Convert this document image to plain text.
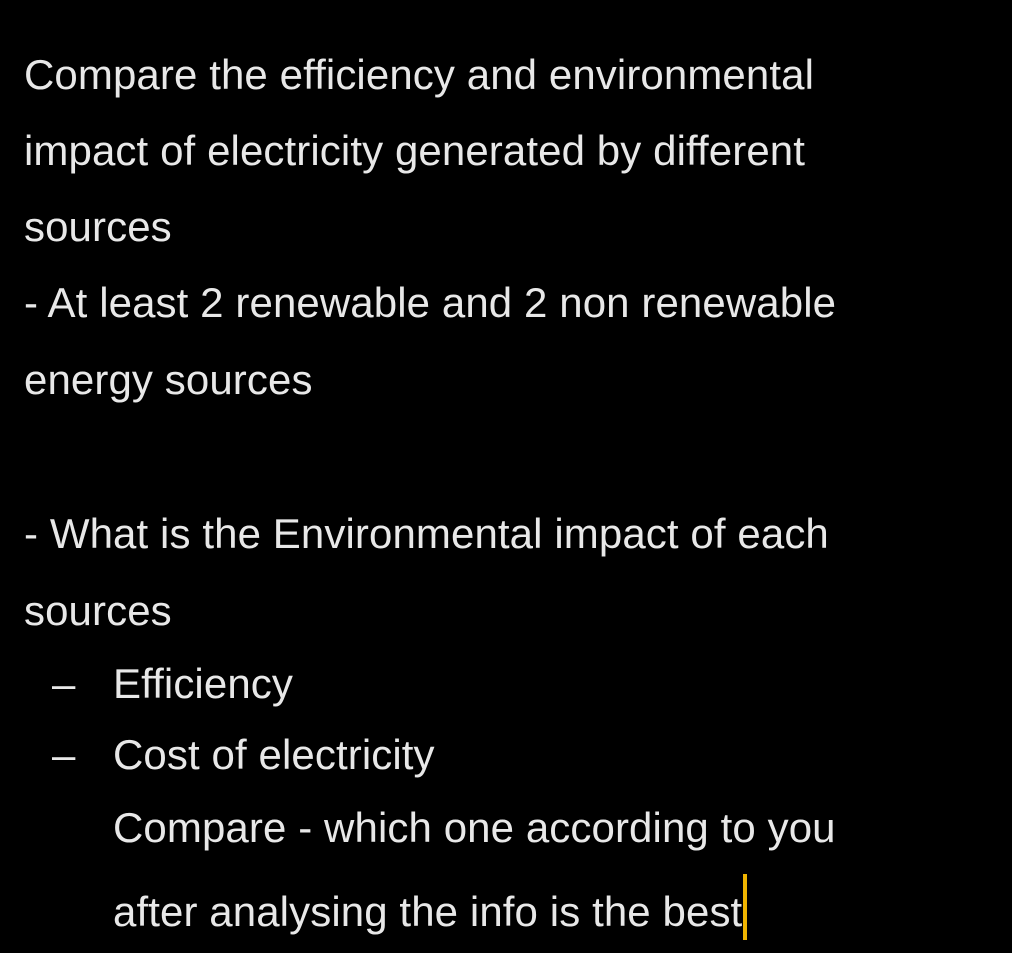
Compare the efficiency and environmental
impact of electricity generated by different
sources
- At least 2 renewable and 2 non renewable
energy sources
- What is the Environmental impact of each
sources
– Efficiency
– Cost of electricity
Compare - which one according to you
after analysing the info is the best
